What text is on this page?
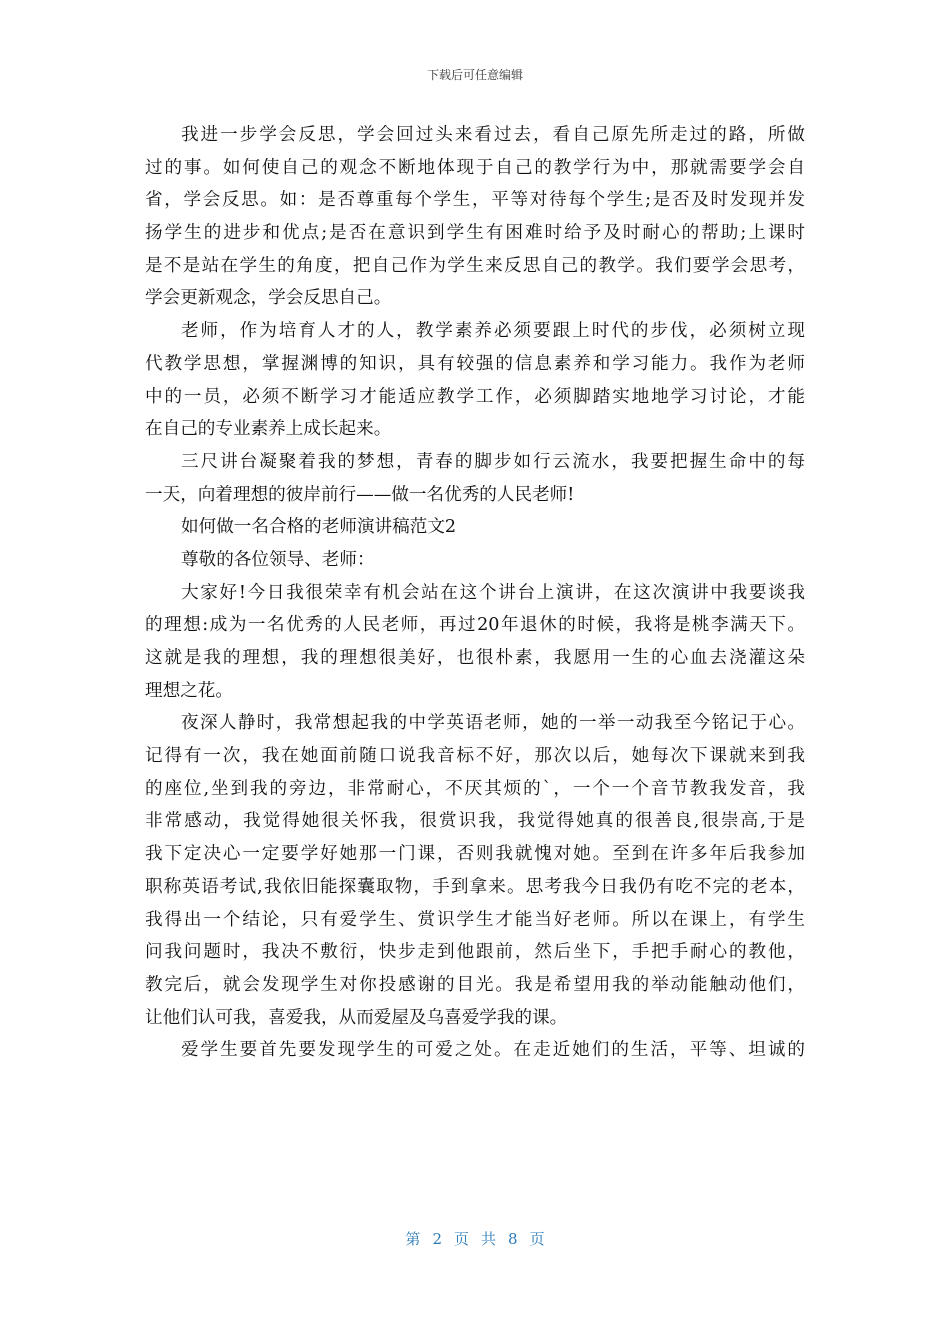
下载后可任意编辑
我进一步学会反思，学会回过头来看过去，看自己原先所走过的路，所做
过的事。如何使自己的观念不断地体现于自己的教学行为中，那就需要学会自
省，学会反思。如：是否尊重每个学生，平等对待每个学生;是否及时发现并发
扬学生的进步和优点;是否在意识到学生有困难时给予及时耐心的帮助;上课时
是不是站在学生的角度，把自己作为学生来反思自己的教学。我们要学会思考，
学会更新观念，学会反思自己。
老师，作为培育人才的人，教学素养必须要跟上时代的步伐，必须树立现
代教学思想，掌握渊博的知识，具有较强的信息素养和学习能力。我作为老师
中的一员，必须不断学习才能适应教学工作，必须脚踏实地地学习讨论，才能
在自己的专业素养上成长起来。
三尺讲台凝聚着我的梦想，青春的脚步如行云流水，我要把握生命中的每
一天，向着理想的彼岸前行——做一名优秀的人民老师!
如何做一名合格的老师演讲稿范文2
尊敬的各位领导、老师：
大家好!今日我很荣幸有机会站在这个讲台上演讲，在这次演讲中我要谈我
的理想:成为一名优秀的人民老师，再过20年退休的时候，我将是桃李满天下。
这就是我的理想，我的理想很美好，也很朴素，我愿用一生的心血去浇灌这朵
理想之花。
夜深人静时，我常想起我的中学英语老师，她的一举一动我至今铭记于心。
记得有一次，我在她面前随口说我音标不好，那次以后，她每次下课就来到我
的座位,坐到我的旁边，非常耐心，不厌其烦的`，一个一个音节教我发音，我
非常感动，我觉得她很关怀我，很赏识我，我觉得她真的很善良,很崇高,于是
我下定决心一定要学好她那一门课，否则我就愧对她。至到在许多年后我参加
职称英语考试,我依旧能探囊取物，手到拿来。思考我今日我仍有吃不完的老本，
我得出一个结论，只有爱学生、赏识学生才能当好老师。所以在课上，有学生
问我问题时，我决不敷衍，快步走到他跟前，然后坐下，手把手耐心的教他，
教完后，就会发现学生对你投感谢的目光。我是希望用我的举动能触动他们，
让他们认可我，喜爱我，从而爱屋及乌喜爱学我的课。
爱学生要首先要发现学生的可爱之处。在走近她们的生活，平等、坦诚的
第 2 页 共 8 页
